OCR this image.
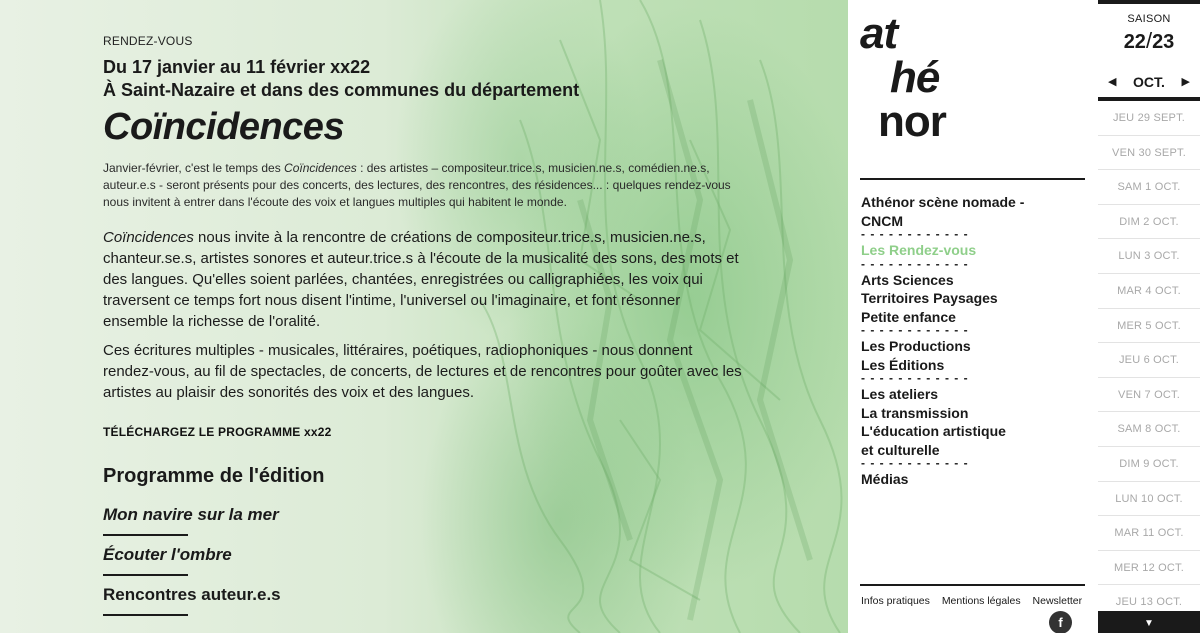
RENDEZ-VOUS
Du 17 janvier au 11 février xx22
À Saint-Nazaire et dans des communes du département
Coïncidences

Janvier-février, c'est le temps des Coïncidences : des artistes – compositeur.trice.s, musicien.ne.s, comédien.ne.s, auteur.e.s - seront présents pour des concerts, des lectures, des rencontres, des résidences... : quelques rendez-vous nous invitent à entrer dans l'écoute des voix et langues multiples qui habitent le monde.

Coïncidences nous invite à la rencontre de créations de compositeur.trice.s, musicien.ne.s, chanteur.se.s, artistes sonores et auteur.trice.s à l'écoute de la musicalité des sons, des mots et des langues. Qu'elles soient parlées, chantées, enregistrées ou calligraphiées, les voix qui traversent ce temps fort nous disent l'intime, l'universel ou l'imaginaire, et font résonner ensemble la richesse de l'oralité.

Ces écritures multiples - musicales, littéraires, poétiques, radiophoniques - nous donnent rendez-vous, au fil de spectacles, de concerts, de lectures et de rencontres pour goûter avec les artistes au plaisir des sonorités des voix et des langues.

TÉLÉCHARGEZ LE PROGRAMME xx22
Programme de l'édition
Mon navire sur la mer
Écouter l'ombre
Rencontres auteur.e.s
at
hé
nor
Athénor scène nomade -
CNCM
- - - - - - - - - - - -
Les Rendez-vous
- - - - - - - - - - - -
Arts Sciences
Territoires Paysages
Petite enfance
- - - - - - - - - - - -
Les Productions
Les Éditions
- - - - - - - - - - - -
Les ateliers
La transmission
L'éducation artistique
et culturelle
- - - - - - - - - - - -
Médias
Infos pratiques Mentions légales Newsletter
f
SAISON
22/23
◀	OCT.	▶
JEU 29 SEPT.
VEN 30 SEPT.
SAM 1 OCT.
DIM 2 OCT.
LUN 3 OCT.
MAR 4 OCT.
MER 5 OCT.
JEU 6 OCT.
VEN 7 OCT.
SAM 8 OCT.
DIM 9 OCT.
LUN 10 OCT.
MAR 11 OCT.
MER 12 OCT.
JEU 13 OCT.
▼
